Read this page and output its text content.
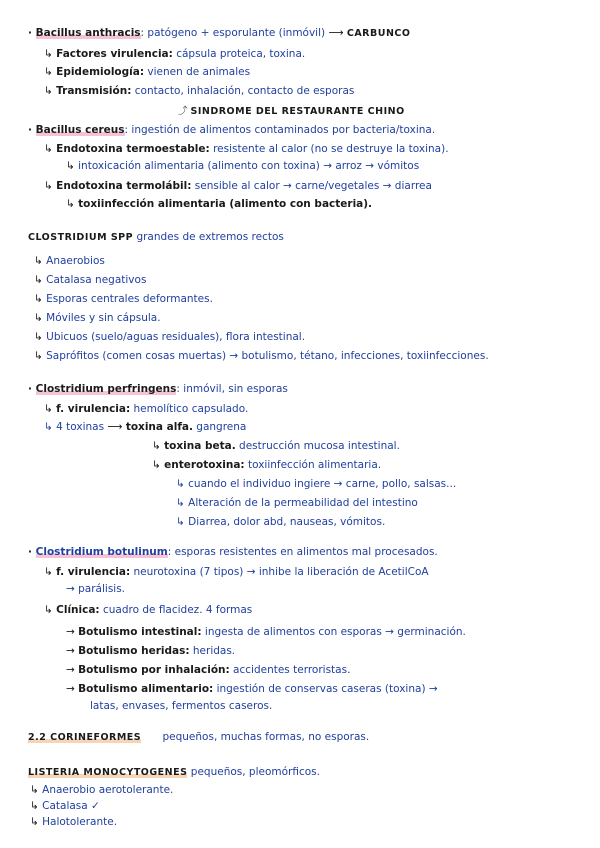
· Bacillus anthracis: patógeno + esporulante (inmóvil) ⟶ CARBUNCO
↳ Factores virulencia: cápsula proteica, toxina.
↳ Epidemiología: vienen de animales
↳ Transmisión: contacto, inhalación, contacto de esporas
⤴ SINDROME DEL RESTAURANTE CHINO
· Bacillus cereus: ingestión de alimentos contaminados por bacteria/toxina.
↳ Endotoxina termoestable: resistente al calor (no se destruye la toxina).
↳ intoxicación alimentaria (alimento con toxina) → arroz → vómitos
↳ Endotoxina termolábil: sensible al calor → carne/vegetales → diarrea
↳ toxiinfección alimentaria (alimento con bacteria).
CLOSTRIDIUM SPP grandes de extremos rectos
↳ Anaerobios
↳ Catalasa negativos
↳ Esporas centrales deformantes.
↳ Móviles y sin cápsula.
↳ Ubicuos (suelo/aguas residuales), flora intestinal.
↳ Saprófitos (comen cosas muertas) → botulismo, tétano, infecciones, toxiinfecciones.
· Clostridium perfringens: inmóvil, sin esporas
↳ f. virulencia: hemolítico capsulado.
↳ 4 toxinas ⟶ toxina alfa. gangrena
↳ toxina beta. destrucción mucosa intestinal.
↳ enterotoxina: toxiinfección alimentaria.
↳ cuando el individuo ingiere → carne, pollo, salsas...
↳ Alteración de la permeabilidad del intestino
↳ Diarrea, dolor abd, nauseas, vómitos.
· Clostridium botulinum: esporas resistentes en alimentos mal procesados.
↳ f. virulencia: neurotoxina (7 tipos) → inhibe la liberación de AcetilCoA
→ parálisis.
↳ Clínica: cuadro de flacidez. 4 formas
→ Botulismo intestinal: ingesta de alimentos con esporas → germinación.
→ Botulismo heridas: heridas.
→ Botulismo por inhalación: accidentes terroristas.
→ Botulismo alimentario: ingestión de conservas caseras (toxina) →
latas, envases, fermentos caseros.
2.2 CORINEFORMES pequeños, muchas formas, no esporas.
LISTERIA MONOCYTOGENES pequeños, pleomórficos.
↳ Anaerobio aerotolerante.
↳ Catalasa ✓
↳ Halotolerante.
